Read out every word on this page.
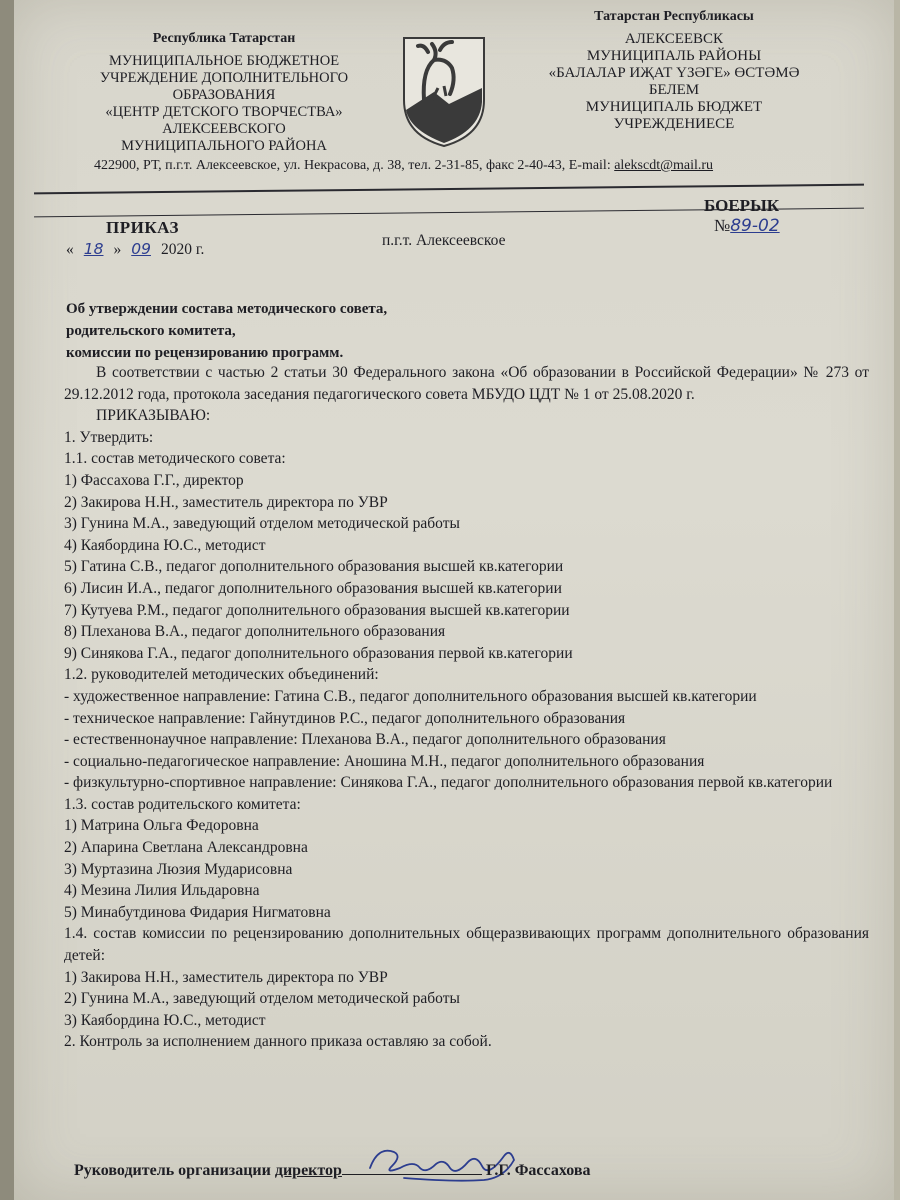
Республика Татарстан
МУНИЦИПАЛЬНОЕ БЮДЖЕТНОЕ
УЧРЕЖДЕНИЕ ДОПОЛНИТЕЛЬНОГО
ОБРАЗОВАНИЯ
«ЦЕНТР ДЕТСКОГО ТВОРЧЕСТВА»
АЛЕКСЕЕВСКОГО
МУНИЦИПАЛЬНОГО РАЙОНА
Татарстан Республикасы
АЛЕКСЕЕВСК
МУНИЦИПАЛЬ РАЙОНЫ
«БАЛАЛАР ИҖАТ ҮЗӘГЕ» ӨСТӘМӘ
БЕЛЕМ
МУНИЦИПАЛЬ БЮДЖЕТ
УЧРЕЖДЕНИЕСЕ
422900, РТ, п.г.т. Алексеевское, ул. Некрасова, д. 38, тел. 2-31-85, факс 2-40-43, E-mail: alekscdt@mail.ru
ПРИКАЗ
БОЕРЫК
№89-02
« 18 » 09 2020 г.
п.г.т. Алексеевское
Об утверждении состава методического совета,
родительского комитета,
комиссии по рецензированию программ.

В соответствии с частью 2 статьи 30 Федерального закона «Об образовании в Российской Федерации» № 273 от 29.12.2012 года, протокола заседания педагогического совета МБУДО ЦДТ № 1 от 25.08.2020 г.

ПРИКАЗЫВАЮ:

1. Утвердить:

1.1. состав методического совета:

1) Фассахова Г.Г., директор

2) Закирова Н.Н., заместитель директора по УВР

3) Гунина М.А., заведующий отделом методической работы

4) Каябордина Ю.С., методист

5) Гатина С.В., педагог дополнительного образования высшей кв.категории

6) Лисин И.А., педагог дополнительного образования высшей кв.категории

7) Кутуева Р.М., педагог дополнительного образования высшей кв.категории

8) Плеханова В.А., педагог дополнительного образования

9) Синякова Г.А., педагог дополнительного образования первой кв.категории

1.2. руководителей методических объединений:

- художественное направление: Гатина С.В., педагог дополнительного образования высшей кв.категории

- техническое направление: Гайнутдинов Р.С., педагог дополнительного образования

- естественнонаучное направление: Плеханова В.А., педагог дополнительного образования

- социально-педагогическое направление: Аношина М.Н., педагог дополнительного образования

- физкультурно-спортивное направление: Синякова Г.А., педагог дополнительного образования первой кв.категории

1.3. состав родительского комитета:

1) Матрина Ольга Федоровна

2) Апарина Светлана Александровна

3) Муртазина Люзия Мударисовна

4) Мезина Лилия Ильдаровна

5) Минабутдинова Фидария Нигматовна

1.4. состав комиссии по рецензированию дополнительных общеразвивающих программ дополнительного образования детей:

1) Закирова Н.Н., заместитель директора по УВР

2) Гунина М.А., заведующий отделом методической работы

3) Каябордина Ю.С., методист

2. Контроль за исполнением данного приказа оставляю за собой.

Руководитель организации директор	Г.Г. Фассахова
